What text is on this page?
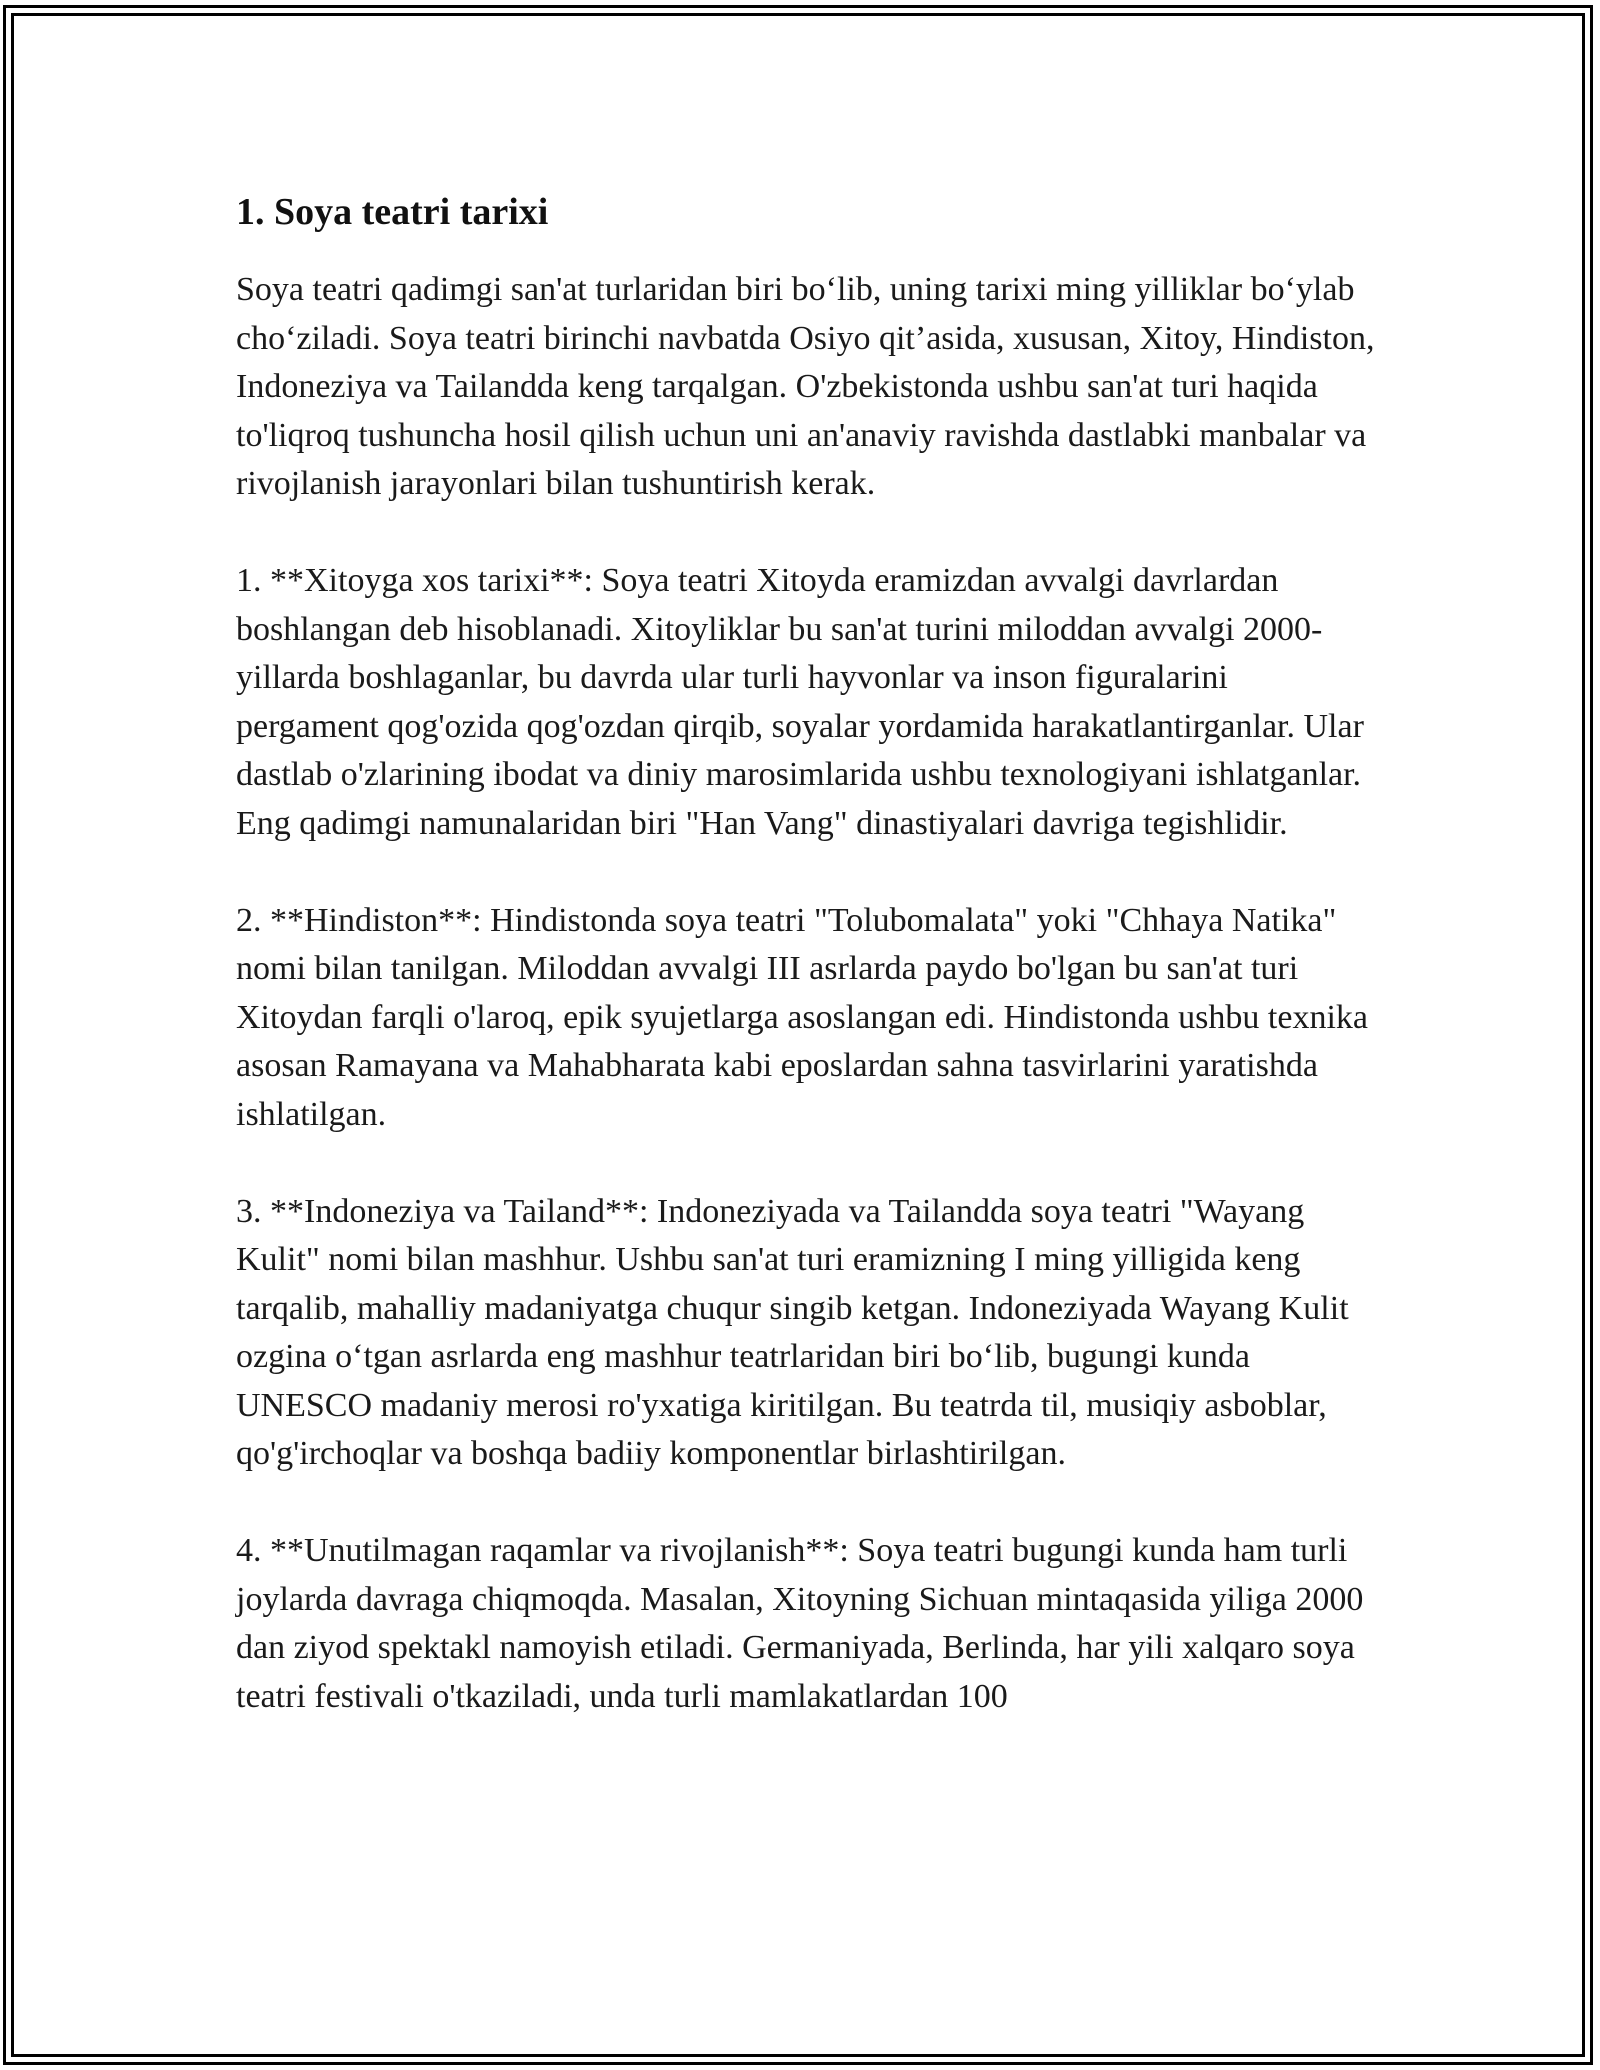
1. Soya teatri tarixi

Soya teatri qadimgi san'at turlaridan biri bo‘lib, uning tarixi ming yilliklar bo‘ylab cho‘ziladi. Soya teatri birinchi navbatda Osiyo qit’asida, xususan, Xitoy, Hindiston, Indoneziya va Tailandda keng tarqalgan. O'zbekistonda ushbu san'at turi haqida to'liqroq tushuncha hosil qilish uchun uni an'anaviy ravishda dastlabki manbalar va rivojlanish jarayonlari bilan tushuntirish kerak.

1. **Xitoyga xos tarixi**: Soya teatri Xitoyda eramizdan avvalgi davrlardan boshlangan deb hisoblanadi. Xitoyliklar bu san'at turini miloddan avvalgi 2000-yillarda boshlaganlar, bu davrda ular turli hayvonlar va inson figuralarini pergament qog'ozida qog'ozdan qirqib, soyalar yordamida harakatlantirganlar. Ular dastlab o'zlarining ibodat va diniy marosimlarida ushbu texnologiyani ishlatganlar. Eng qadimgi namunalaridan biri "Han Vang" dinastiyalari davriga tegishlidir.

2. **Hindiston**: Hindistonda soya teatri "Tolubomalata" yoki "Chhaya Natika" nomi bilan tanilgan. Miloddan avvalgi III asrlarda paydo bo'lgan bu san'at turi Xitoydan farqli o'laroq, epik syujetlarga asoslangan edi. Hindistonda ushbu texnika asosan Ramayana va Mahabharata kabi eposlardan sahna tasvirlarini yaratishda ishlatilgan.

3. **Indoneziya va Tailand**: Indoneziyada va Tailandda soya teatri "Wayang Kulit" nomi bilan mashhur. Ushbu san'at turi eramizning I ming yilligida keng tarqalib, mahalliy madaniyatga chuqur singib ketgan. Indoneziyada Wayang Kulit ozgina o‘tgan asrlarda eng mashhur teatrlaridan biri bo‘lib, bugungi kunda UNESCO madaniy merosi ro'yxatiga kiritilgan. Bu teatrda til, musiqiy asboblar, qo'g'irchoqlar va boshqa badiiy komponentlar birlashtirilgan.

4. **Unutilmagan raqamlar va rivojlanish**: Soya teatri bugungi kunda ham turli joylarda davraga chiqmoqda. Masalan, Xitoyning Sichuan mintaqasida yiliga 2000 dan ziyod spektakl namoyish etiladi. Germaniyada, Berlinda, har yili xalqaro soya teatri festivali o'tkaziladi, unda turli mamlakatlardan 100
